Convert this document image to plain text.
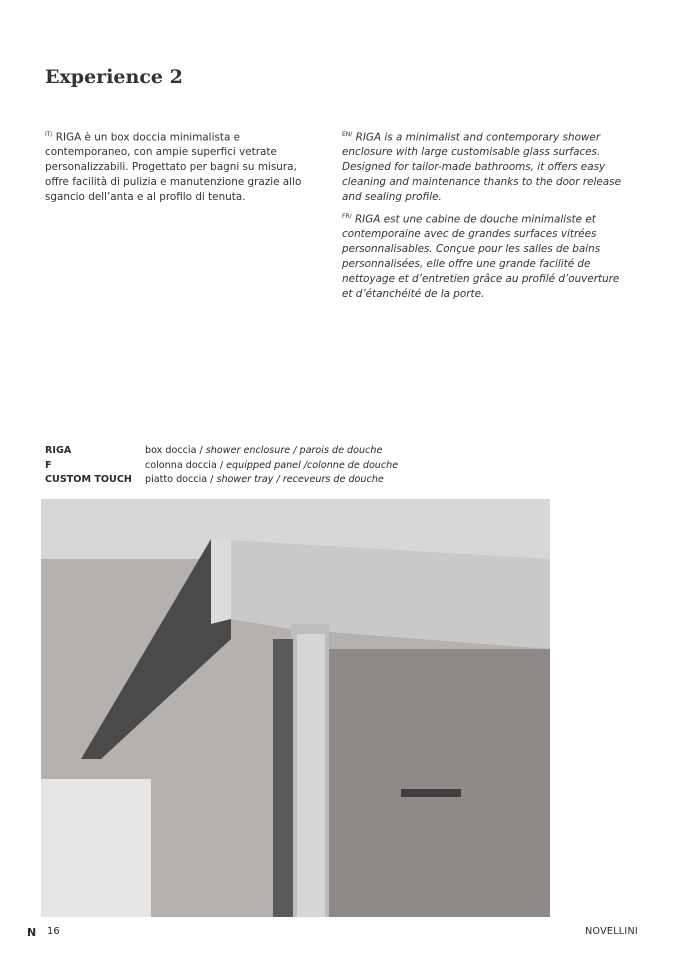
Experience 2
$^{IT/}$ RIGA è un box doccia minimalista e contemporaneo, con ampie superfici vetrate personalizzabili. Progettato per bagni su misura, offre facilità di pulizia e manutenzione grazie allo sgancio dell’anta e al profilo di tenuta.
$^{EN/}$ RIGA is a minimalist and contemporary shower enclosure with large customisable glass surfaces. Designed for tailor-made bathrooms, it offers easy cleaning and maintenance thanks to the door release and sealing profile.
$^{FR/}$ RIGA est une cabine de douche minimaliste et contemporaine avec de grandes surfaces vitrées personnalisables. Conçue pour les salles de bains personnalisées, elle offre une grande facilité de nettoyage et d’entretien grâce au profilé d’ouverture et d’étanchéité de la porte.
RIGA	box doccia / shower enclosure / parois de douche
F	colonna doccia / equipped panel /colonne de douche
CUSTOM TOUCH	piatto doccia / shower tray / receveurs de douche
N 16	NOVELLINI
